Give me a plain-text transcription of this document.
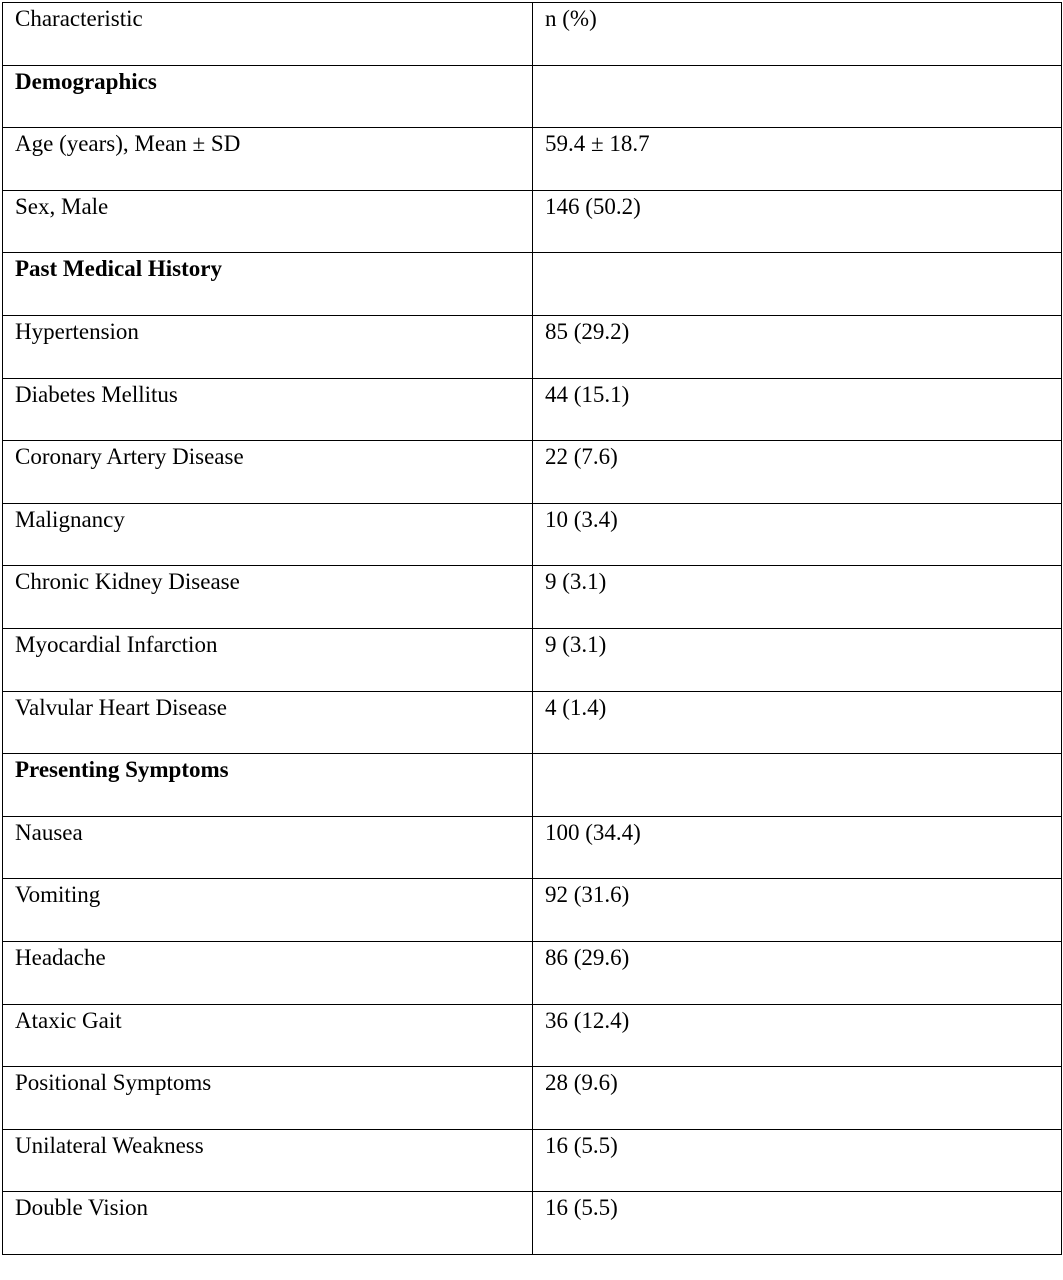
Characteristic	n (%)

Demographics	

Age (years), Mean ± SD	59.4 ± 18.7

Sex, Male	146 (50.2)

Past Medical History	

Hypertension	85 (29.2)

Diabetes Mellitus	44 (15.1)

Coronary Artery Disease	22 (7.6)

Malignancy	10 (3.4)

Chronic Kidney Disease	9 (3.1)

Myocardial Infarction	9 (3.1)

Valvular Heart Disease	4 (1.4)

Presenting Symptoms	

Nausea	100 (34.4)

Vomiting	92 (31.6)

Headache	86 (29.6)

Ataxic Gait	36 (12.4)

Positional Symptoms	28 (9.6)

Unilateral Weakness	16 (5.5)

Double Vision	16 (5.5)
